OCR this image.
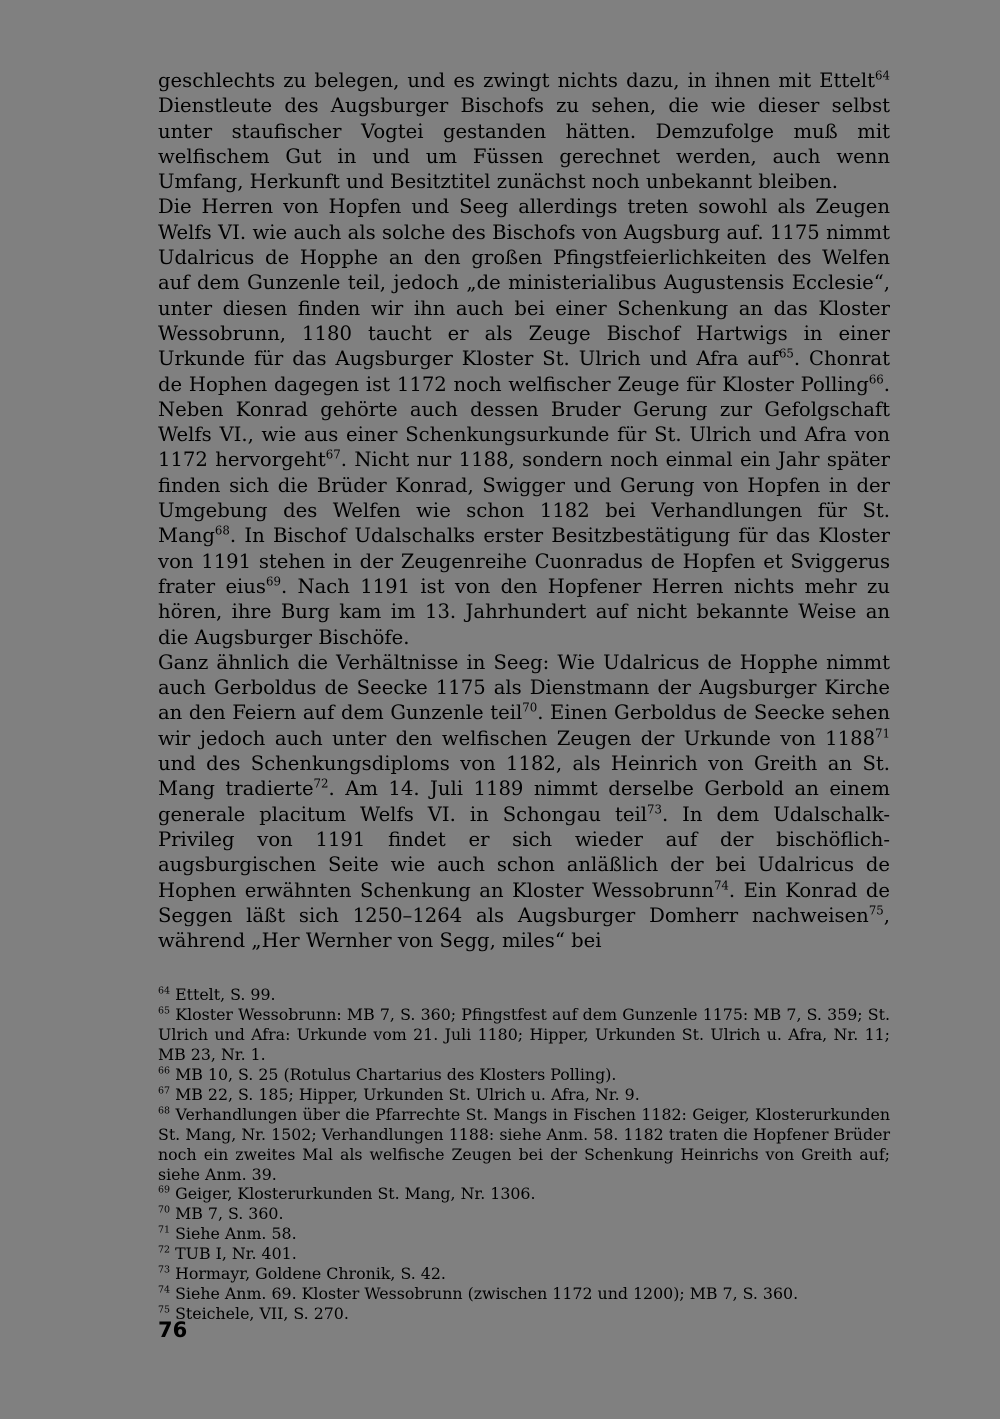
geschlechts zu belegen, und es zwingt nichts dazu, in ihnen mit Ettelt$^{64}$ Dienstleute des Augsburger Bischofs zu sehen, die wie dieser selbst unter staufischer Vogtei gestanden hätten. Demzufolge muß mit welfischem Gut in und um Füssen gerechnet werden, auch wenn Umfang, Herkunft und Besitztitel zunächst noch unbekannt bleiben.

Die Herren von Hopfen und Seeg allerdings treten sowohl als Zeugen Welfs VI. wie auch als solche des Bischofs von Augsburg auf. 1175 nimmt Udalricus de Hopphe an den großen Pfingstfeierlichkeiten des Welfen auf dem Gunzenle teil, jedoch „de ministerialibus Augustensis Ecclesie“, unter diesen finden wir ihn auch bei einer Schenkung an das Kloster Wessobrunn, 1180 taucht er als Zeuge Bischof Hartwigs in einer Urkunde für das Augsburger Kloster St. Ulrich und Afra auf$^{65}$. Chonrat de Hophen dagegen ist 1172 noch welfischer Zeuge für Kloster Polling$^{66}$. Neben Konrad gehörte auch dessen Bruder Gerung zur Gefolgschaft Welfs VI., wie aus einer Schenkungsurkunde für St. Ulrich und Afra von 1172 hervorgeht$^{67}$. Nicht nur 1188, sondern noch einmal ein Jahr später finden sich die Brüder Konrad, Swigger und Gerung von Hopfen in der Umgebung des Welfen wie schon 1182 bei Verhandlungen für St. Mang$^{68}$. In Bischof Udalschalks erster Besitzbestätigung für das Kloster von 1191 stehen in der Zeugenreihe Cuonradus de Hopfen et Sviggerus frater eius$^{69}$. Nach 1191 ist von den Hopfener Herren nichts mehr zu hören, ihre Burg kam im 13. Jahrhundert auf nicht bekannte Weise an die Augsburger Bischöfe.

Ganz ähnlich die Verhältnisse in Seeg: Wie Udalricus de Hopphe nimmt auch Gerboldus de Seecke 1175 als Dienstmann der Augsburger Kirche an den Feiern auf dem Gunzenle teil$^{70}$. Einen Gerboldus de Seecke sehen wir jedoch auch unter den welfischen Zeugen der Urkunde von 1188$^{71}$ und des Schenkungsdiploms von 1182, als Heinrich von Greith an St. Mang tradierte$^{72}$. Am 14. Juli 1189 nimmt derselbe Gerbold an einem generale placitum Welfs VI. in Schongau teil$^{73}$. In dem Udalschalk-Privileg von 1191 findet er sich wieder auf der bischöflich-augsburgischen Seite wie auch schon anläßlich der bei Udalricus de Hophen erwähnten Schenkung an Kloster Wessobrunn$^{74}$. Ein Konrad de Seggen läßt sich 1250–1264 als Augsburger Domherr nachweisen$^{75}$, während „Her Wernher von Segg, miles“ bei

$^{64}$ Ettelt, S. 99.

$^{65}$ Kloster Wessobrunn: MB 7, S. 360; Pfingstfest auf dem Gunzenle 1175: MB 7, S. 359; St. Ulrich und Afra: Urkunde vom 21. Juli 1180; Hipper, Urkunden St. Ulrich u. Afra, Nr. 11; MB 23, Nr. 1.

$^{66}$ MB 10, S. 25 (Rotulus Chartarius des Klosters Polling).

$^{67}$ MB 22, S. 185; Hipper, Urkunden St. Ulrich u. Afra, Nr. 9.

$^{68}$ Verhandlungen über die Pfarrechte St. Mangs in Fischen 1182: Geiger, Klosterurkunden St. Mang, Nr. 1502; Verhandlungen 1188: siehe Anm. 58. 1182 traten die Hopfener Brüder noch ein zweites Mal als welfische Zeugen bei der Schenkung Heinrichs von Greith auf; siehe Anm. 39.

$^{69}$ Geiger, Klosterurkunden St. Mang, Nr. 1306.

$^{70}$ MB 7, S. 360.

$^{71}$ Siehe Anm. 58.

$^{72}$ TUB I, Nr. 401.

$^{73}$ Hormayr, Goldene Chronik, S. 42.

$^{74}$ Siehe Anm. 69. Kloster Wessobrunn (zwischen 1172 und 1200); MB 7, S. 360.

$^{75}$ Steichele, VII, S. 270.

76
